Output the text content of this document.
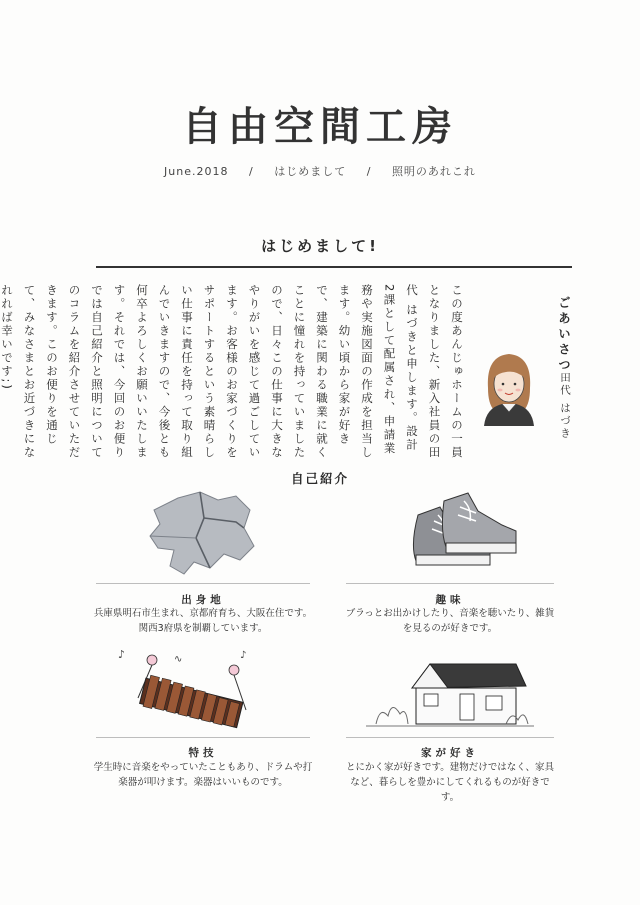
自由空間工房
June.2018 / はじめまして / 照明のあれこれ
はじめまして!
ごあいさつ
田代 はづき
この度あんじゅホームの一員となりました、新入社員の田代 はづきと申します。設計2課として配属され、申請業務や実施図面の作成を担当します。幼い頃から家が好きで、建築に関わる職業に就くことに憧れを持っていましたので、日々この仕事に大きなやりがいを感じて過ごしています。お客様のお家づくりをサポートするという素晴らしい仕事に責任を持って取り組んでいきますので、今後とも何卒よろしくお願いいたします。それでは、今回のお便りでは自己紹介と照明についてのコラムを紹介させていただきます。このお便りを通じて、みなさまとお近づきになれれば幸いです;)
自己紹介
出身地
兵庫県明石市生まれ、京都府育ち、大阪在住です。関西3府県を制覇しています。
趣味
ブラっとお出かけしたり、音楽を聴いたり、雑貨を見るのが好きです。
♪	∿	♪
特技
学生時に音楽をやっていたこともあり、ドラムや打楽器が叩けます。楽器はいいものです。
家が好き
とにかく家が好きです。建物だけではなく、家具など、暮らしを豊かにしてくれるものが好きです。
